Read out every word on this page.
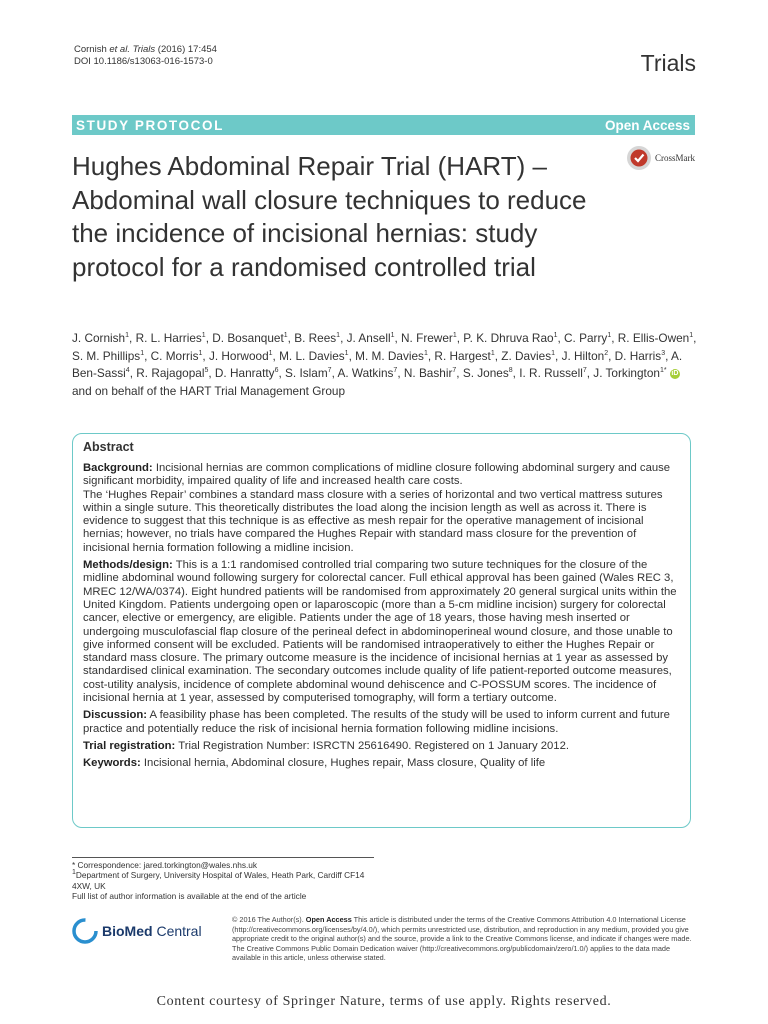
Cornish et al. Trials (2016) 17:454
DOI 10.1186/s13063-016-1573-0	Trials
STUDY PROTOCOL	Open Access
Hughes Abdominal Repair Trial (HART) – Abdominal wall closure techniques to reduce the incidence of incisional hernias: study protocol for a randomised controlled trial
CrossMark
J. Cornish$^1$, R. L. Harries$^1$, D. Bosanquet$^1$, B. Rees$^1$, J. Ansell$^1$, N. Frewer$^1$, P. K. Dhruva Rao$^1$, C. Parry$^1$, R. Ellis-Owen$^1$, S. M. Phillips$^1$, C. Morris$^1$, J. Horwood$^1$, M. L. Davies$^1$, M. M. Davies$^1$, R. Hargest$^1$, Z. Davies$^1$, J. Hilton$^2$, D. Harris$^3$, A. Ben-Sassi$^4$, R. Rajagopal$^5$, D. Hanratty$^6$, S. Islam$^7$, A. Watkins$^7$, N. Bashir$^7$, S. Jones$^8$, I. R. Russell$^7$, J. Torkington$^{1*}$ iD and on behalf of the HART Trial Management Group
Abstract

Background: Incisional hernias are common complications of midline closure following abdominal surgery and cause significant morbidity, impaired quality of life and increased health care costs.
The ‘Hughes Repair’ combines a standard mass closure with a series of horizontal and two vertical mattress sutures within a single suture. This theoretically distributes the load along the incision length as well as across it. There is evidence to suggest that this technique is as effective as mesh repair for the operative management of incisional hernias; however, no trials have compared the Hughes Repair with standard mass closure for the prevention of incisional hernia formation following a midline incision.

Methods/design: This is a 1:1 randomised controlled trial comparing two suture techniques for the closure of the midline abdominal wound following surgery for colorectal cancer. Full ethical approval has been gained (Wales REC 3, MREC 12/WA/0374). Eight hundred patients will be randomised from approximately 20 general surgical units within the United Kingdom. Patients undergoing open or laparoscopic (more than a 5-cm midline incision) surgery for colorectal cancer, elective or emergency, are eligible. Patients under the age of 18 years, those having mesh inserted or undergoing musculofascial flap closure of the perineal defect in abdominoperineal wound closure, and those unable to give informed consent will be excluded. Patients will be randomised intraoperatively to either the Hughes Repair or standard mass closure. The primary outcome measure is the incidence of incisional hernias at 1 year as assessed by standardised clinical examination. The secondary outcomes include quality of life patient-reported outcome measures, cost-utility analysis, incidence of complete abdominal wound dehiscence and C-POSSUM scores. The incidence of incisional hernia at 1 year, assessed by computerised tomography, will form a tertiary outcome.

Discussion: A feasibility phase has been completed. The results of the study will be used to inform current and future practice and potentially reduce the risk of incisional hernia formation following midline incisions.

Trial registration: Trial Registration Number: ISRCTN 25616490. Registered on 1 January 2012.

Keywords: Incisional hernia, Abdominal closure, Hughes repair, Mass closure, Quality of life

* Correspondence: jared.torkington@wales.nhs.uk
$^1$Department of Surgery, University Hospital of Wales, Heath Park, Cardiff CF14 4XW, UK
Full list of author information is available at the end of the article
BioMed Central
© 2016 The Author(s). Open Access This article is distributed under the terms of the Creative Commons Attribution 4.0 International License (http://creativecommons.org/licenses/by/4.0/), which permits unrestricted use, distribution, and reproduction in any medium, provided you give appropriate credit to the original author(s) and the source, provide a link to the Creative Commons license, and indicate if changes were made. The Creative Commons Public Domain Dedication waiver (http://creativecommons.org/publicdomain/zero/1.0/) applies to the data made available in this article, unless otherwise stated.
Content courtesy of Springer Nature, terms of use apply. Rights reserved.
